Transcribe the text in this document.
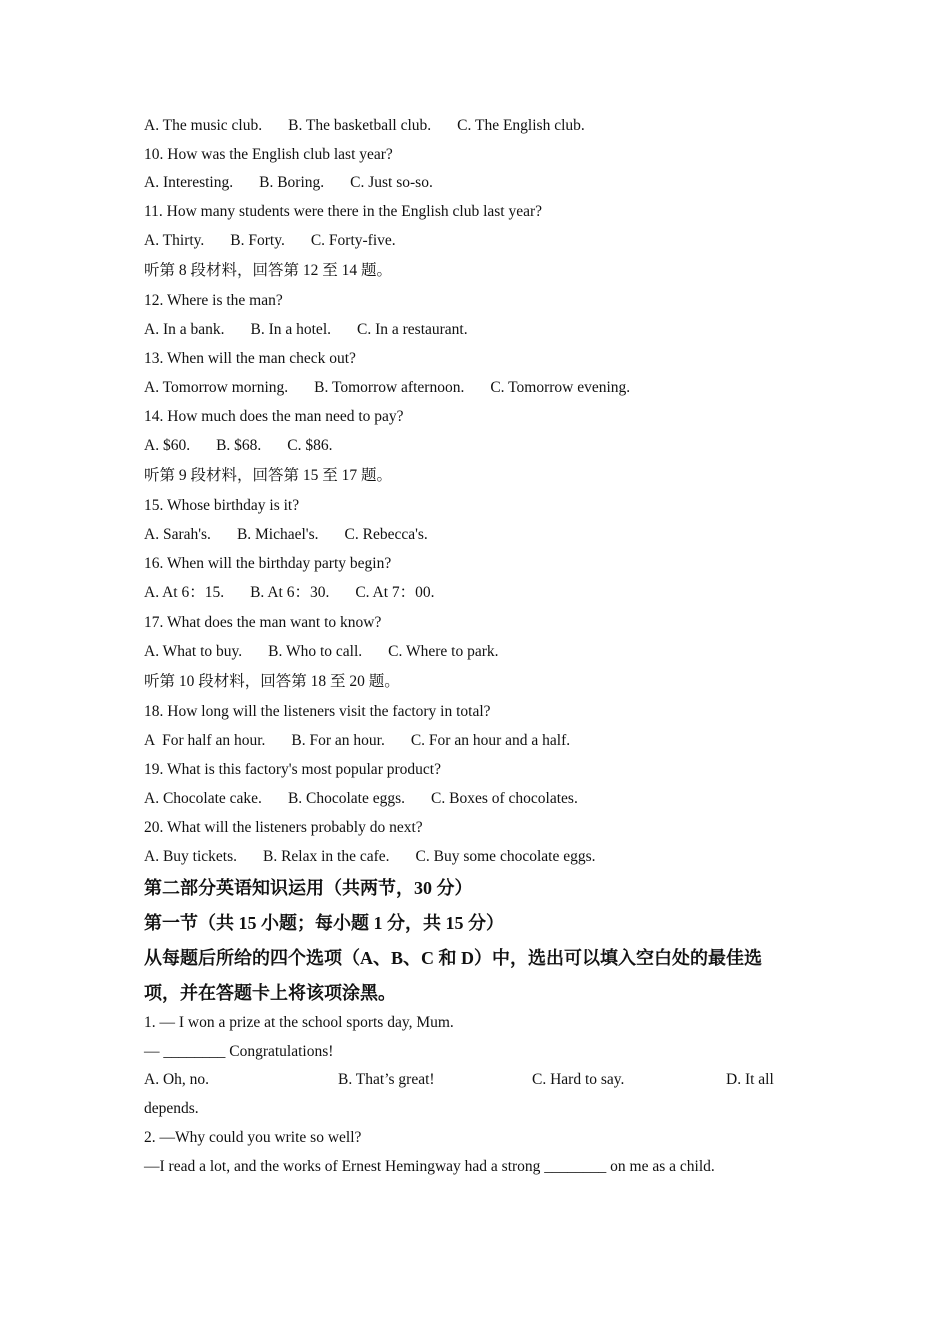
A. The music club. B. The basketball club. C. The English club.
10. How was the English club last year?
A. Interesting. B. Boring. C. Just so-so.
11. How many students were there in the English club last year?
A. Thirty. B. Forty. C. Forty-five.
听第 8 段材料，回答第 12 至 14 题。
12. Where is the man?
A. In a bank. B. In a hotel. C. In a restaurant.
13. When will the man check out?
A. Tomorrow morning. B. Tomorrow afternoon. C. Tomorrow evening.
14. How much does the man need to pay?
A. $60. B. $68. C. $86.
听第 9 段材料，回答第 15 至 17 题。
15. Whose birthday is it?
A. Sarah's. B. Michael's. C. Rebecca's.
16. When will the birthday party begin?
A. At 6：15. B. At 6：30. C. At 7：00.
17. What does the man want to know?
A. What to buy. B. Who to call. C. Where to park.
听第 10 段材料，回答第 18 至 20 题。
18. How long will the listeners visit the factory in total?
A  For half an hour. B. For an hour. C. For an hour and a half.
19. What is this factory's most popular product?
A. Chocolate cake. B. Chocolate eggs. C. Boxes of chocolates.
20. What will the listeners probably do next?
A. Buy tickets. B. Relax in the cafe. C. Buy some chocolate eggs.
第二部分英语知识运用（共两节，30 分）
第一节（共 15 小题；每小题 1 分，共 15 分）
从每题后所给的四个选项（A、B、C 和 D）中，选出可以填入空白处的最佳选
项，并在答题卡上将该项涂黑。
1. — I won a prize at the school sports day, Mum.
— ________ Congratulations!
A. Oh, no.	B. That’s great!	C. Hard to say.	D. It all
depends.
2. —Why could you write so well?
—I read a lot, and the works of Ernest Hemingway had a strong ________ on me as a child.
